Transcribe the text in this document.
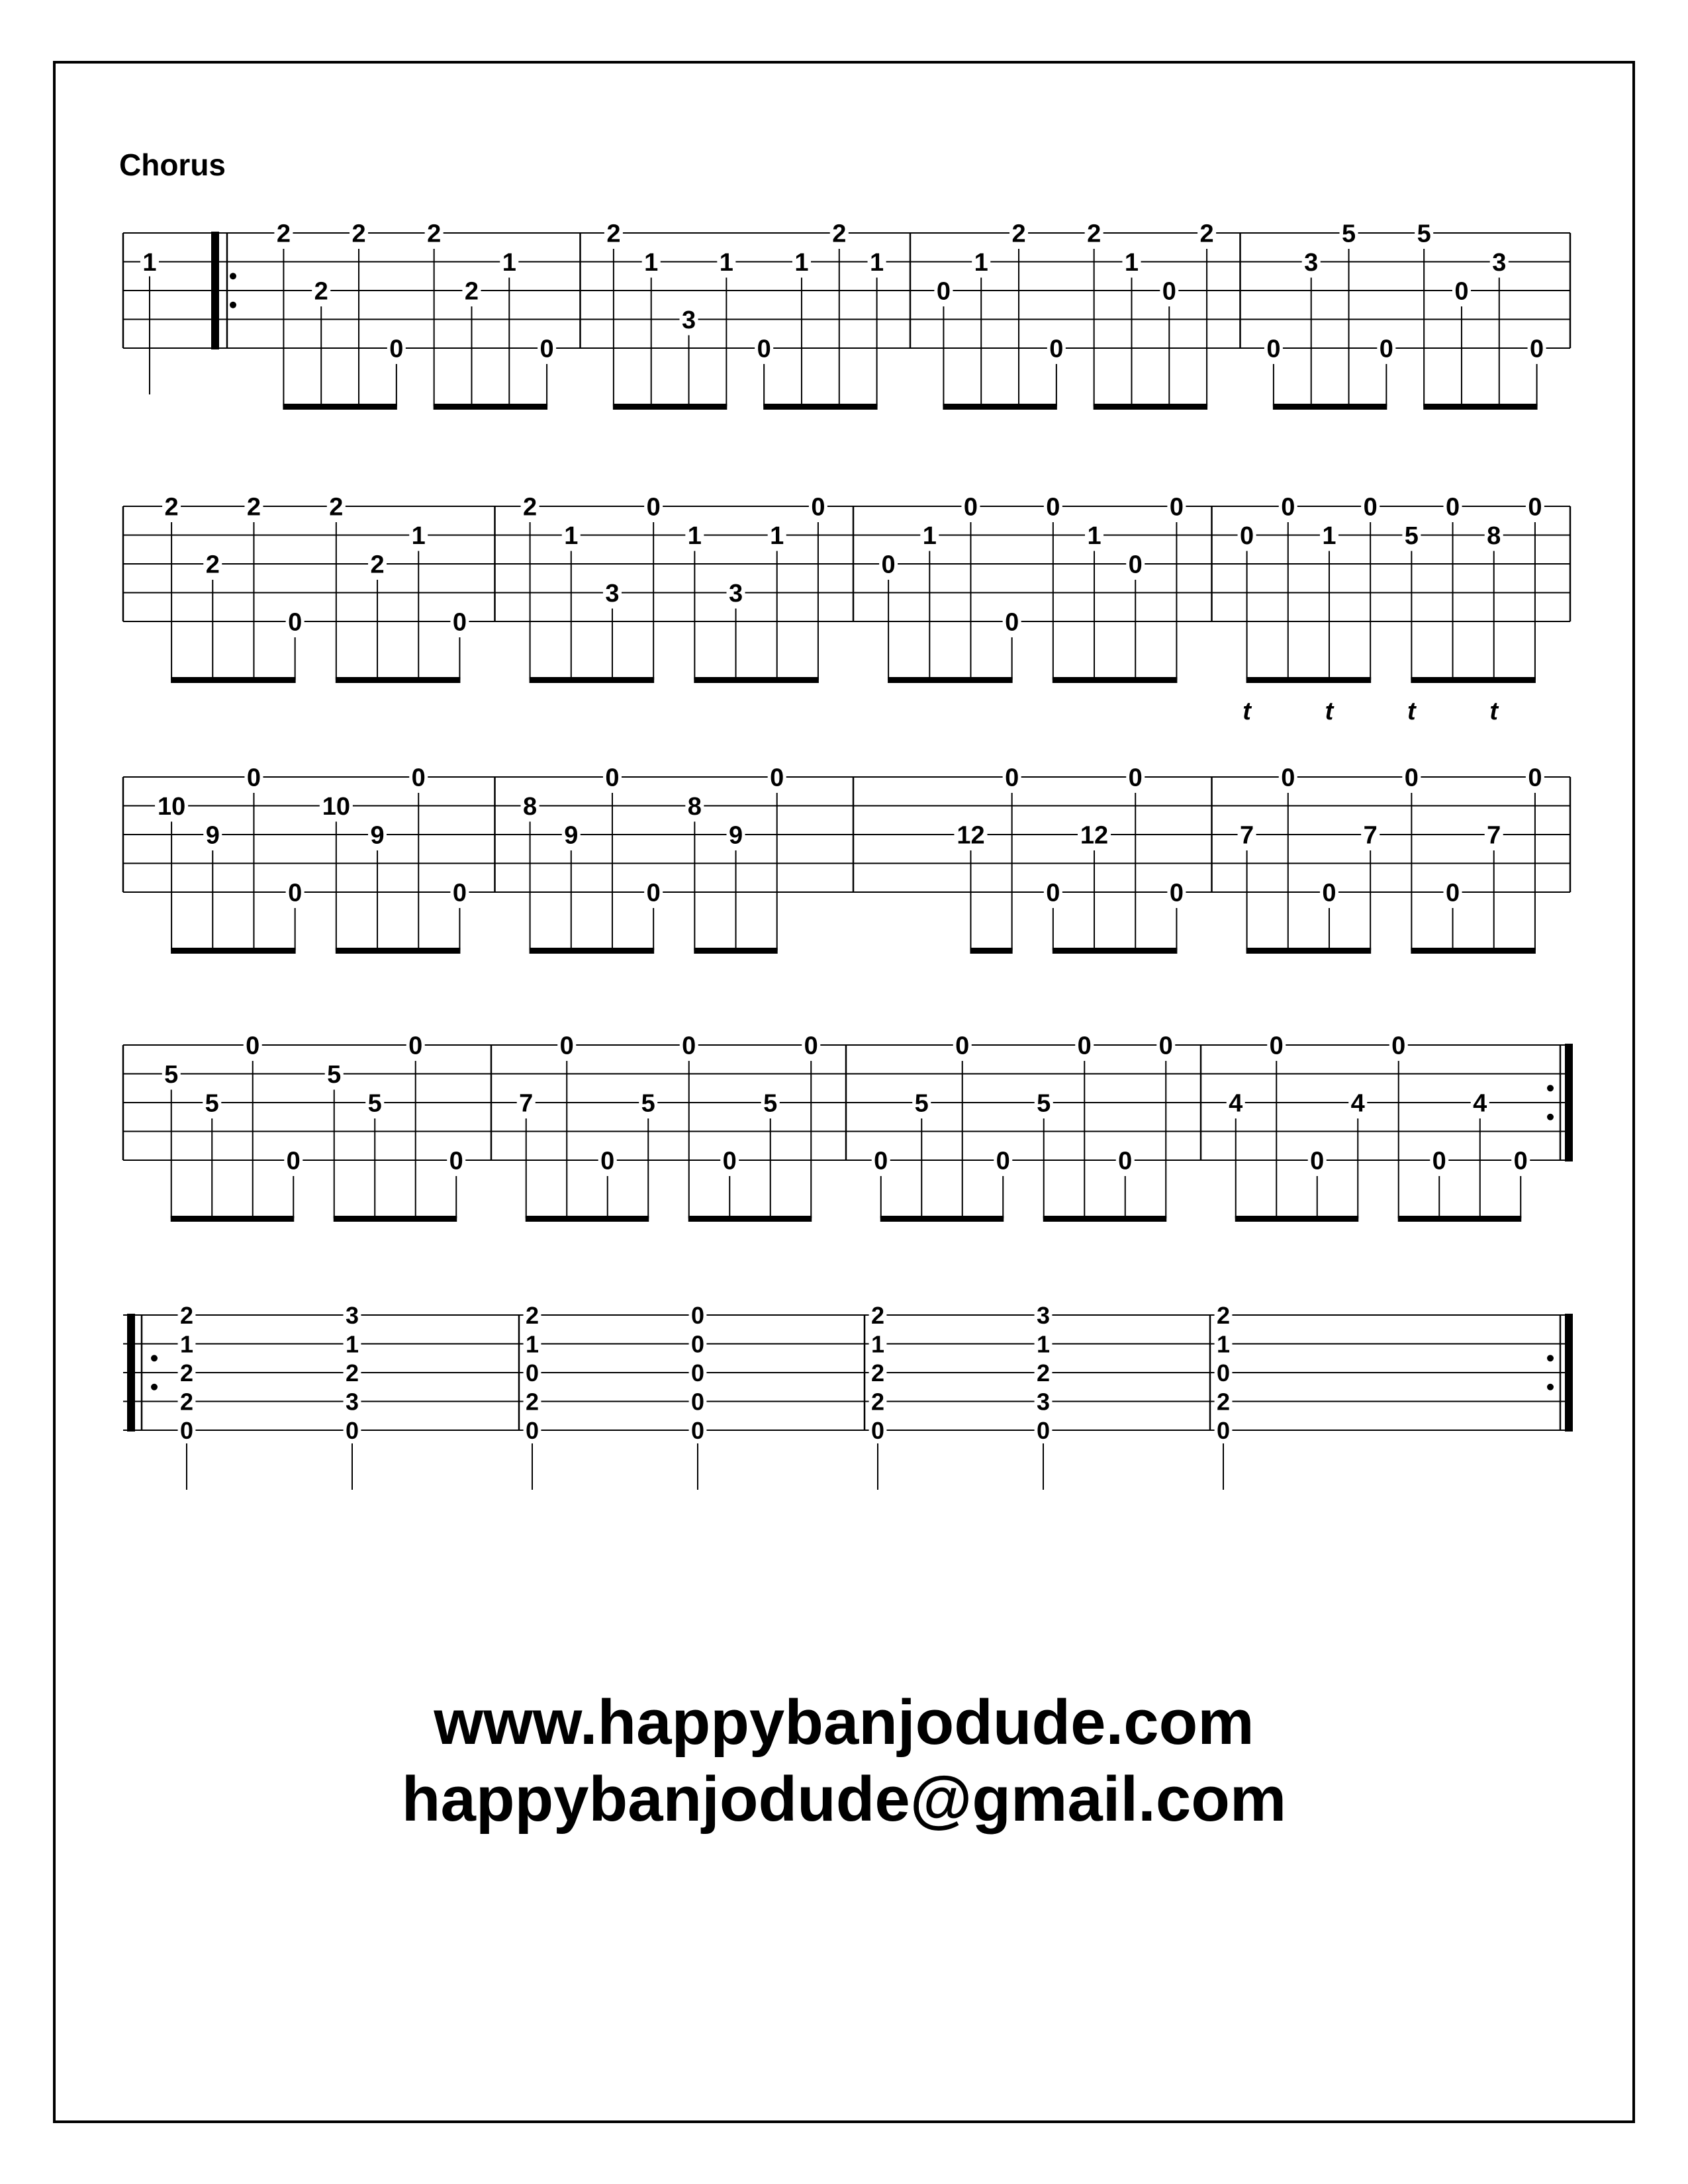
Chorus
1
2
2
2
0
2
2
1
0
2
1
3
1
0
1
2
1
0
1
2
0
2
1
0
2
0
3
5
0
5
0
3
0
2
2
2
0
2
2
1
0
2
1
3
0
1
3
1
0
0
1
0
0
0
1
0
0
0
t
0
1
t
0
5
t
0
8
t
0
10
9
0
0
10
9
0
0
8
9
0
0
8
9
0
12
0
0
12
0
0
7
0
0
7
0
0
7
0
5
5
0
0
5
5
0
0
7
0
0
5
0
0
5
0
0
5
0
0
5
0
0
0
4
0
0
4
0
0
4
0
2
1
2
2
0
3
1
2
3
0
2
1
0
2
0
0
0
0
0
0
2
1
2
2
0
3
1
2
3
0
2
1
0
2
0

www.happybanjodude.com

happybanjodude@gmail.com
